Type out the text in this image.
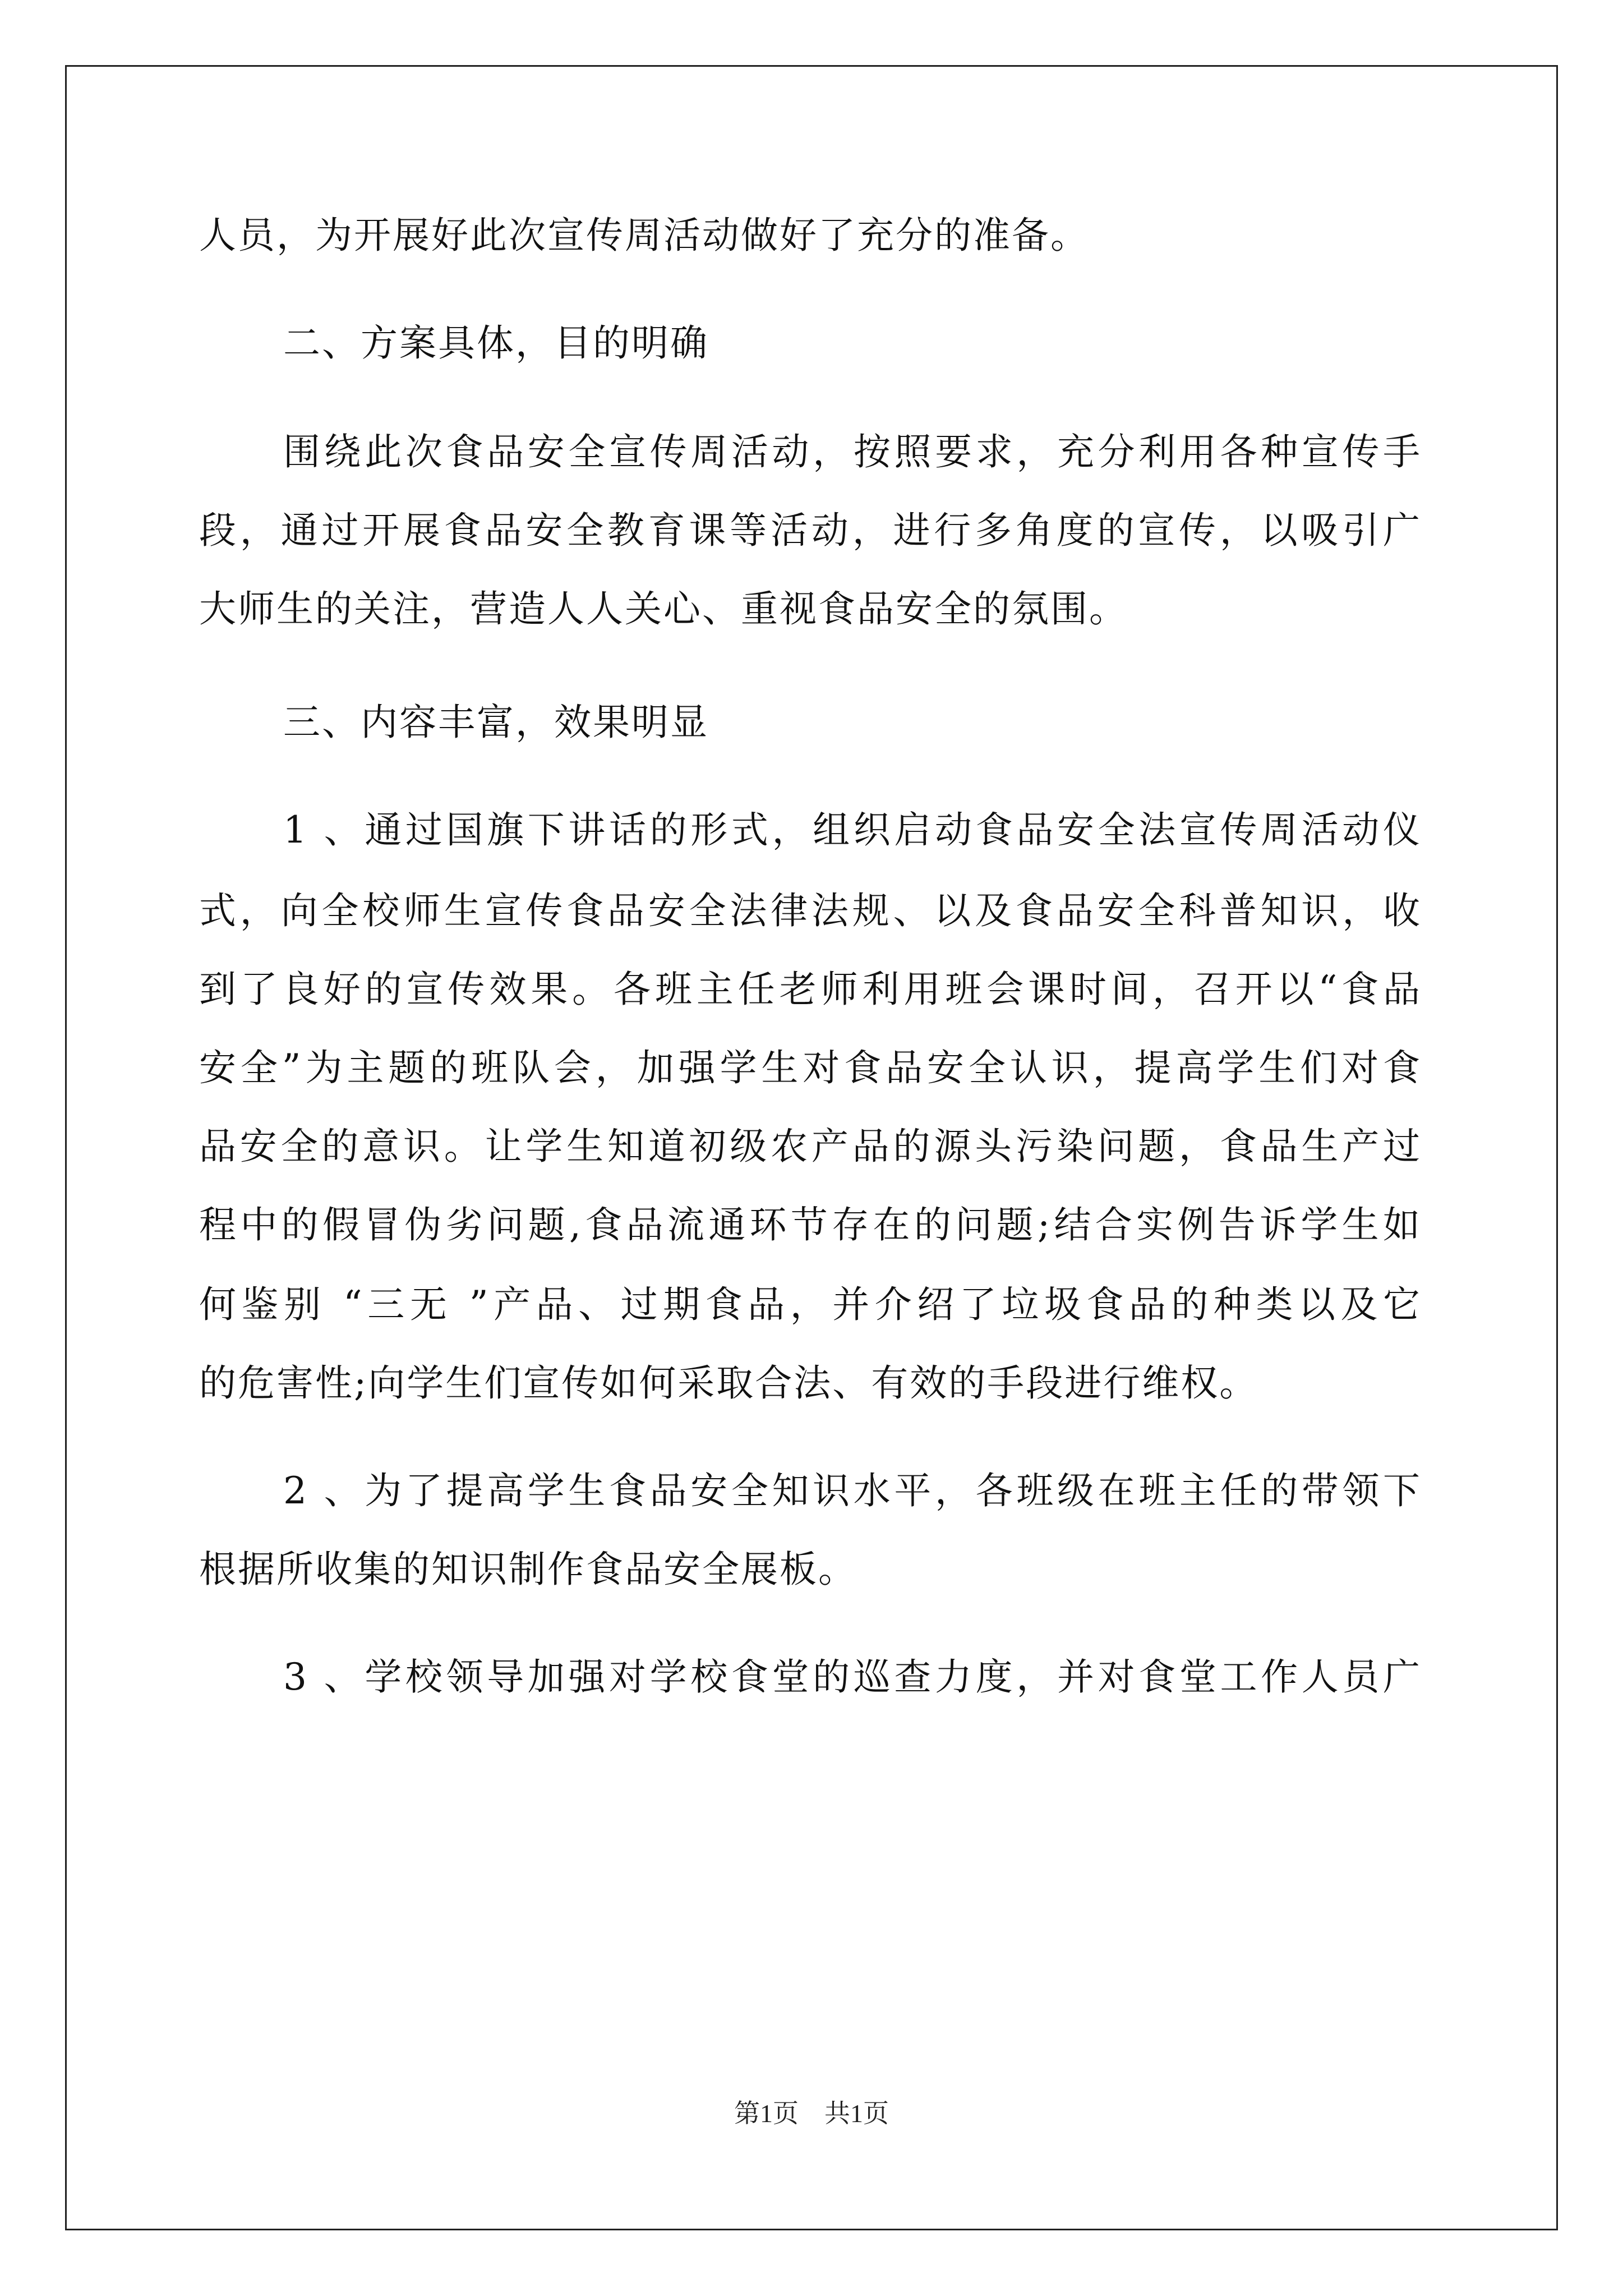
人员，为开展好此次宣传周活动做好了充分的准备。
二、方案具体，目的明确
围绕此次食品安全宣传周活动，按照要求，充分利用各种宣传手
段，通过开展食品安全教育课等活动，进行多角度的宣传，以吸引广
大师生的关注，营造人人关心、重视食品安全的氛围。
三、内容丰富，效果明显
1 、通过国旗下讲话的形式，组织启动食品安全法宣传周活动仪
式，向全校师生宣传食品安全法律法规、以及食品安全科普知识，收
到了良好的宣传效果。各班主任老师利用班会课时间，召开以“食品
安全”为主题的班队会，加强学生对食品安全认识，提高学生们对食
品安全的意识。让学生知道初级农产品的源头污染问题，食品生产过
程中的假冒伪劣问题,食品流通环节存在的问题;结合实例告诉学生如
何鉴别 “三无 ”产品、过期食品，并介绍了垃圾食品的种类以及它
的危害性;向学生们宣传如何采取合法、有效的手段进行维权。
2 、为了提高学生食品安全知识水平，各班级在班主任的带领下
根据所收集的知识制作食品安全展板。
3 、学校领导加强对学校食堂的巡查力度，并对食堂工作人员广
第1页　共1页
